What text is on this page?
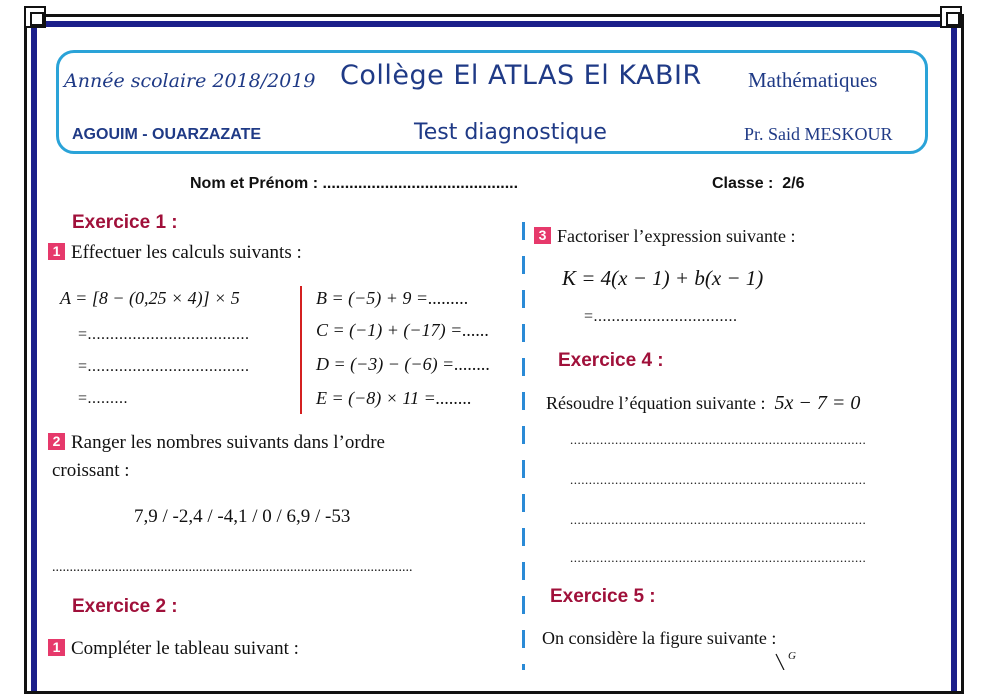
Année scolaire 2018/2019 Collège El ATLAS El KABIR Mathématiques
AGOUIM - OUARZAZATE	Test diagnostique	Pr. Said MESKOUR
Nom et Prénom : ............................................	Classe : 2/6
Exercice 1 :
1 Effectuer les calculs suivants :
A = [8 − (0,25 × 4)] × 5
=....................................
=....................................
=.........
B = (−5) + 9 =.........
C = (−1) + (−17) =......
D = (−3) − (−6) =........
E = (−8) × 11 =........
2 Ranger les nombres suivants dans l’ordre
croissant :
7,9 / -2,4 / -4,1 / 0 / 6,9 / -53
.......................................................................................................
Exercice 2 :
1 Compléter le tableau suivant :
3 Factoriser l’expression suivante :
K = 4(x − 1) + b(x − 1)
=................................
Exercice 4 :
Résoudre l’équation suivante : 5x − 7 = 0
...............................................................................
...............................................................................
...............................................................................
...............................................................................
Exercice 5 :
On considère la figure suivante :
G
